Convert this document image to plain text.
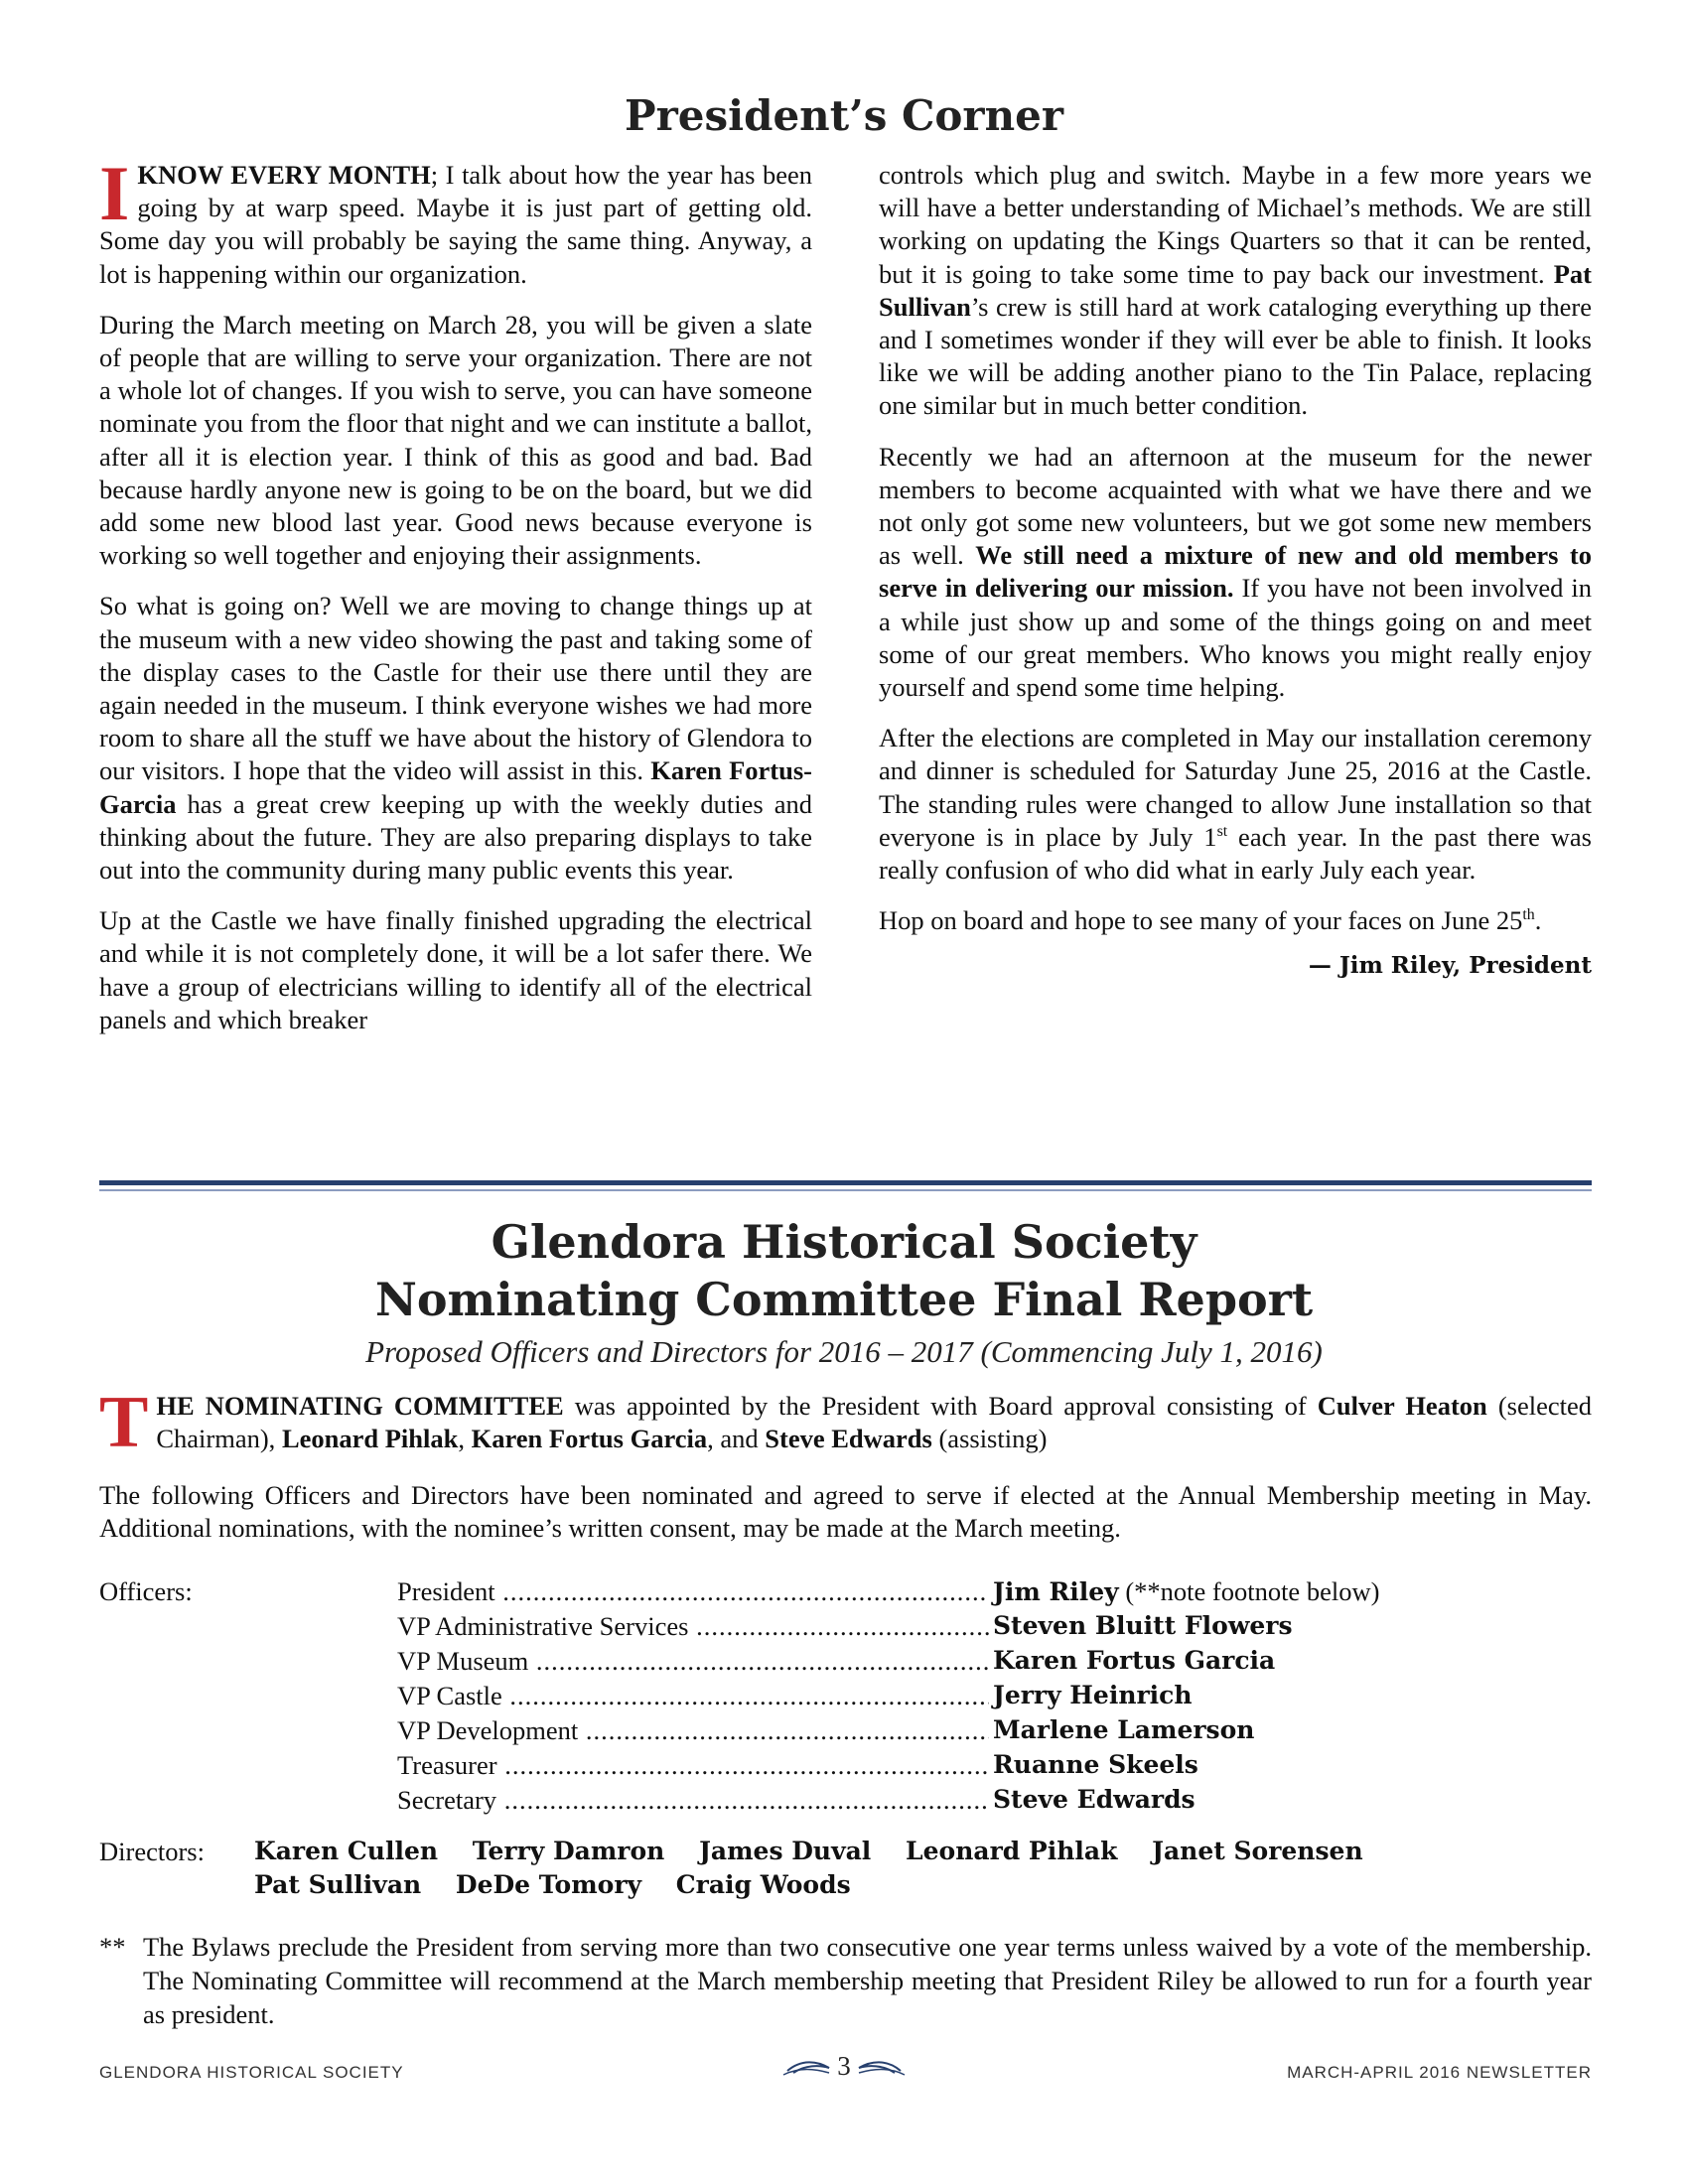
President’s Corner

IKNOW EVERY MONTH; I talk about how the year has been going by at warp speed. Maybe it is just part of getting old. Some day you will probably be saying the same thing. Anyway, a lot is happening within our organization.

During the March meeting on March 28, you will be given a slate of people that are willing to serve your organization. There are not a whole lot of changes. If you wish to serve, you can have someone nominate you from the floor that night and we can institute a ballot, after all it is election year. I think of this as good and bad. Bad because hardly anyone new is going to be on the board, but we did add some new blood last year. Good news because everyone is working so well together and enjoying their assignments.

So what is going on? Well we are moving to change things up at the museum with a new video showing the past and taking some of the display cases to the Castle for their use there until they are again needed in the museum. I think everyone wishes we had more room to share all the stuff we have about the history of Glendora to our visitors. I hope that the video will assist in this. Karen Fortus-Garcia has a great crew keeping up with the weekly duties and thinking about the future. They are also preparing displays to take out into the community during many public events this year.

Up at the Castle we have finally finished upgrading the electrical and while it is not completely done, it will be a lot safer there. We have a group of electricians willing to identify all of the electrical panels and which breaker

controls which plug and switch. Maybe in a few more years we will have a better understanding of Michael’s methods. We are still working on updating the Kings Quarters so that it can be rented, but it is going to take some time to pay back our investment. Pat Sullivan’s crew is still hard at work cataloging everything up there and I sometimes wonder if they will ever be able to finish. It looks like we will be adding another piano to the Tin Palace, replacing one similar but in much better condition.

Recently we had an afternoon at the museum for the newer members to become acquainted with what we have there and we not only got some new volunteers, but we got some new members as well. We still need a mixture of new and old members to serve in delivering our mission. If you have not been involved in a while just show up and some of the things going on and meet some of our great members. Who knows you might really enjoy yourself and spend some time helping.

After the elections are completed in May our installation ceremony and dinner is scheduled for Saturday June 25, 2016 at the Castle. The standing rules were changed to allow June installation so that everyone is in place by July 1st each year. In the past there was really confusion of who did what in early July each year.

Hop on board and hope to see many of your faces on June 25th.

— Jim Riley, President

Glendora Historical Society
Nominating Committee Final Report
Proposed Officers and Directors for 2016 – 2017 (Commencing July 1, 2016)
THE NOMINATING COMMITTEE was appointed by the President with Board approval consisting of Culver Heaton (selected Chairman), Leonard Pihlak, Karen Fortus Garcia, and Steve Edwards (assisting)
The following Officers and Directors have been nominated and agreed to serve if elected at the Annual Membership meeting in May. Additional nominations, with the nominee’s written consent, may be made at the March meeting.
Officers:	President .....	Jim Riley (**note footnote below)
VP Administrative Services .....	Steven Bluitt Flowers
VP Museum .....	Karen Fortus Garcia
VP Castle .....	Jerry Heinrich
VP Development .....	Marlene Lamerson
Treasurer .....	Ruanne Skeels
Secretary .....	Steve Edwards
Directors: Karen Cullen Terry Damron James Duval Leonard Pihlak Janet Sorensen
Pat Sullivan DeDe Tomory Craig Woods
** The Bylaws preclude the President from serving more than two consecutive one year terms unless waived by a vote of the membership. The Nominating Committee will recommend at the March membership meeting that President Riley be allowed to run for a fourth year as president.
GLENDORA HISTORICAL SOCIETY	3	MARCH-APRIL 2016 NEWSLETTER
